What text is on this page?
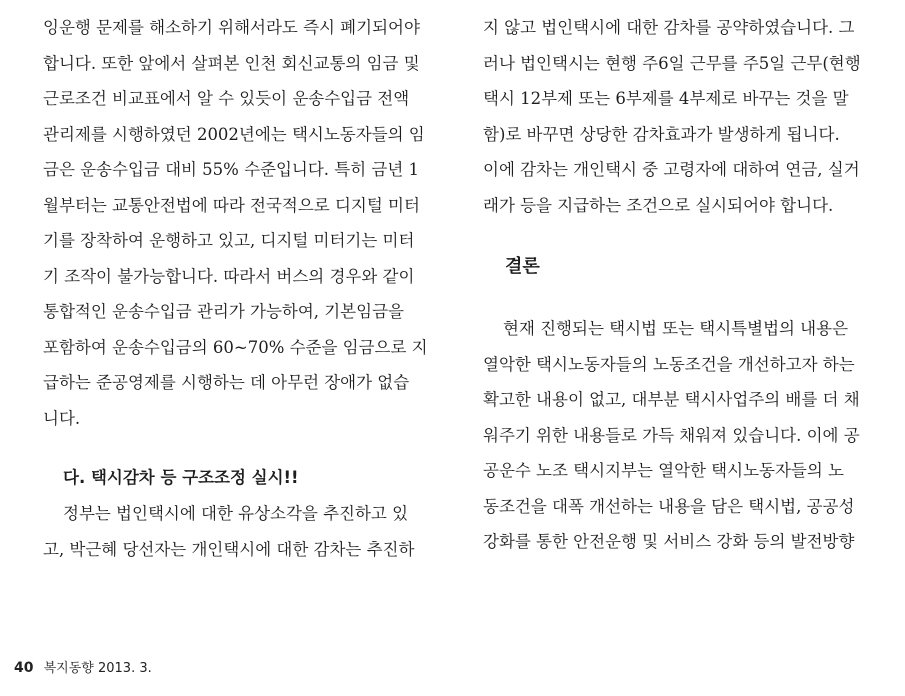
잉운행 문제를 해소하기 위해서라도 즉시 폐기되어야
합니다. 또한 앞에서 살펴본 인천 회신교통의 임금 및
근로조건 비교표에서 알 수 있듯이 운송수입금 전액
관리제를 시행하였던 2002년에는 택시노동자들의 임
금은 운송수입금 대비 55% 수준입니다. 특히 금년 1
월부터는 교통안전법에 따라 전국적으로 디지털 미터
기를 장착하여 운행하고 있고, 디지털 미터기는 미터
기 조작이 불가능합니다. 따라서 버스의 경우와 같이
통합적인 운송수입금 관리가 가능하여, 기본임금을
포함하여 운송수입금의 60~70% 수준을 임금으로 지
급하는 준공영제를 시행하는 데 아무런 장애가 없습
니다.
다. 택시감차 등 구조조정 실시!!
정부는 법인택시에 대한 유상소각을 추진하고 있
고, 박근혜 당선자는 개인택시에 대한 감차는 추진하
지 않고 법인택시에 대한 감차를 공약하였습니다. 그
러나 법인택시는 현행 주6일 근무를 주5일 근무(현행
택시 12부제 또는 6부제를 4부제로 바꾸는 것을 말
함)로 바꾸면 상당한 감차효과가 발생하게 됩니다.
이에 감차는 개인택시 중 고령자에 대하여 연금, 실거
래가 등을 지급하는 조건으로 실시되어야 합니다.
결론
현재 진행되는 택시법 또는 택시특별법의 내용은
열악한 택시노동자들의 노동조건을 개선하고자 하는
확고한 내용이 없고, 대부분 택시사업주의 배를 더 채
워주기 위한 내용들로 가득 채워져 있습니다. 이에 공
공운수 노조 택시지부는 열악한 택시노동자들의 노
동조건을 대폭 개선하는 내용을 담은 택시법, 공공성
강화를 통한 안전운행 및 서비스 강화 등의 발전방향
40 복지동향 2013. 3.
